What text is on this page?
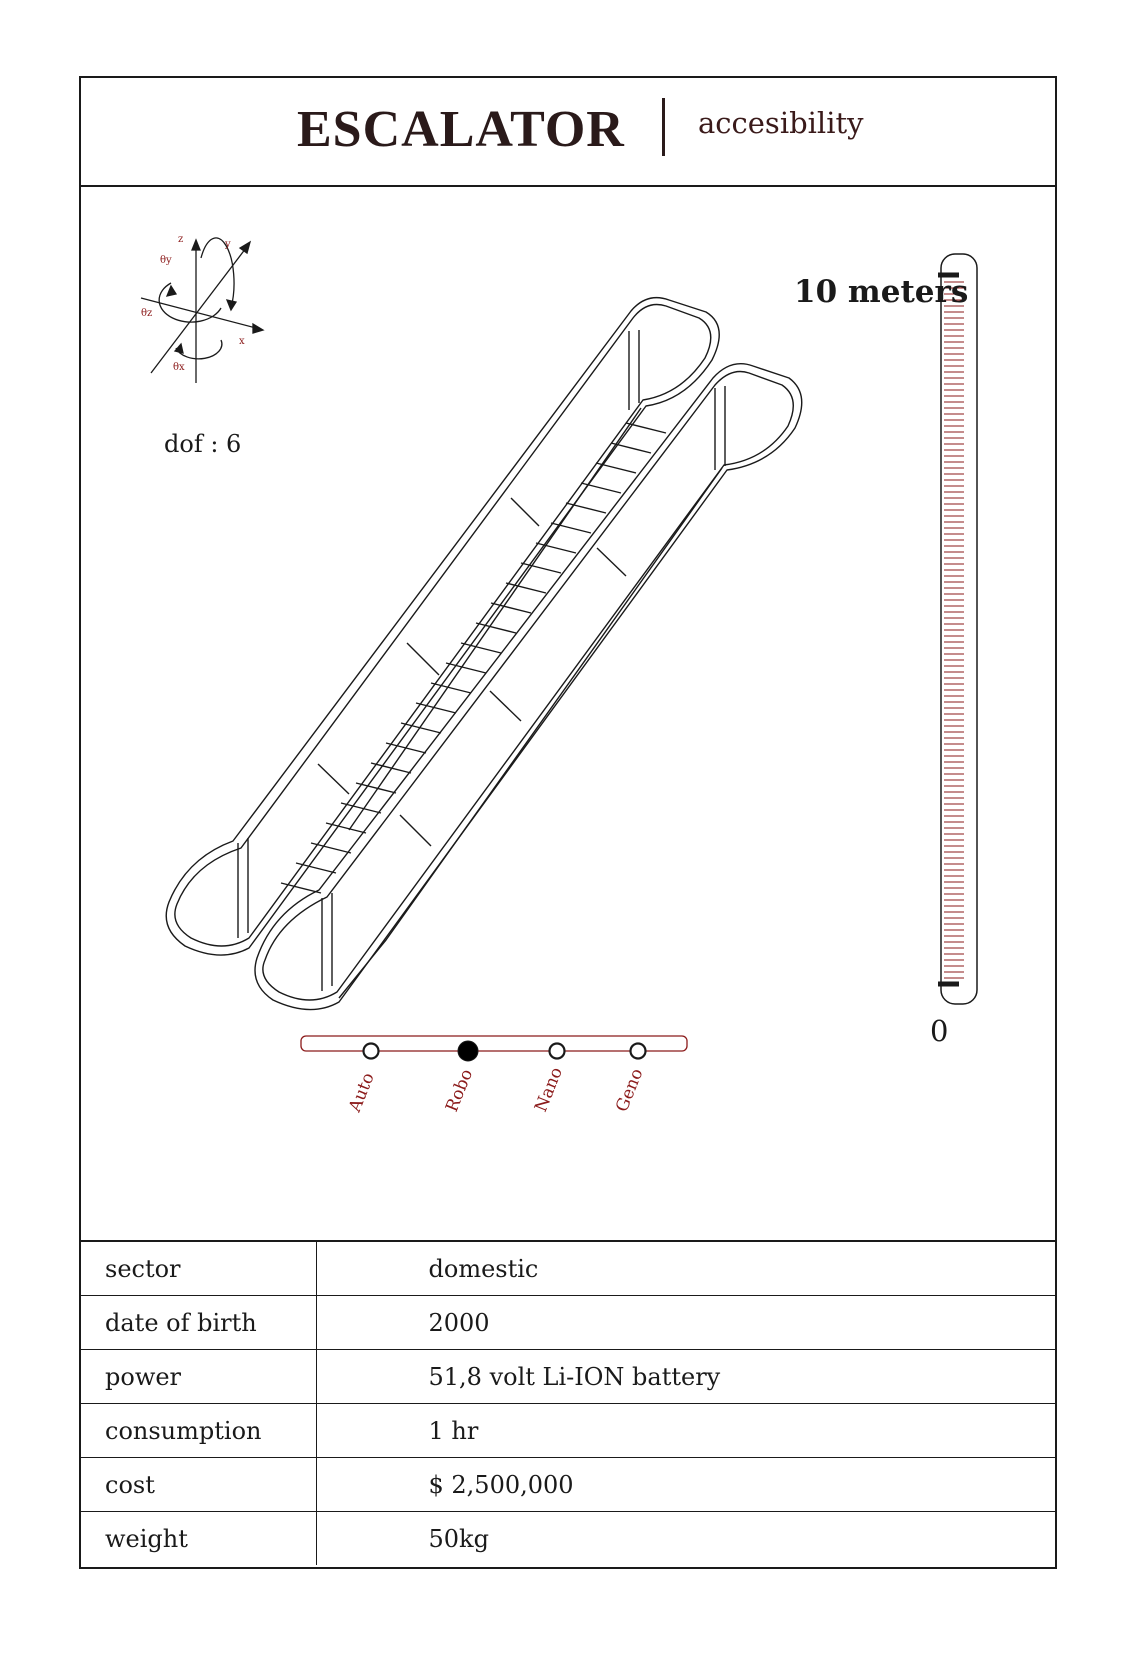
ESCALATOR	accesibility
z	y
x
θy
θz
θx
Auto	Robo	Nano	Geno
dof : 6
10 meters
0
sector	domestic
date of birth	2000
power	51,8 volt Li-ION battery
consumption	1 hr
cost	$ 2,500,000
weight	50kg
